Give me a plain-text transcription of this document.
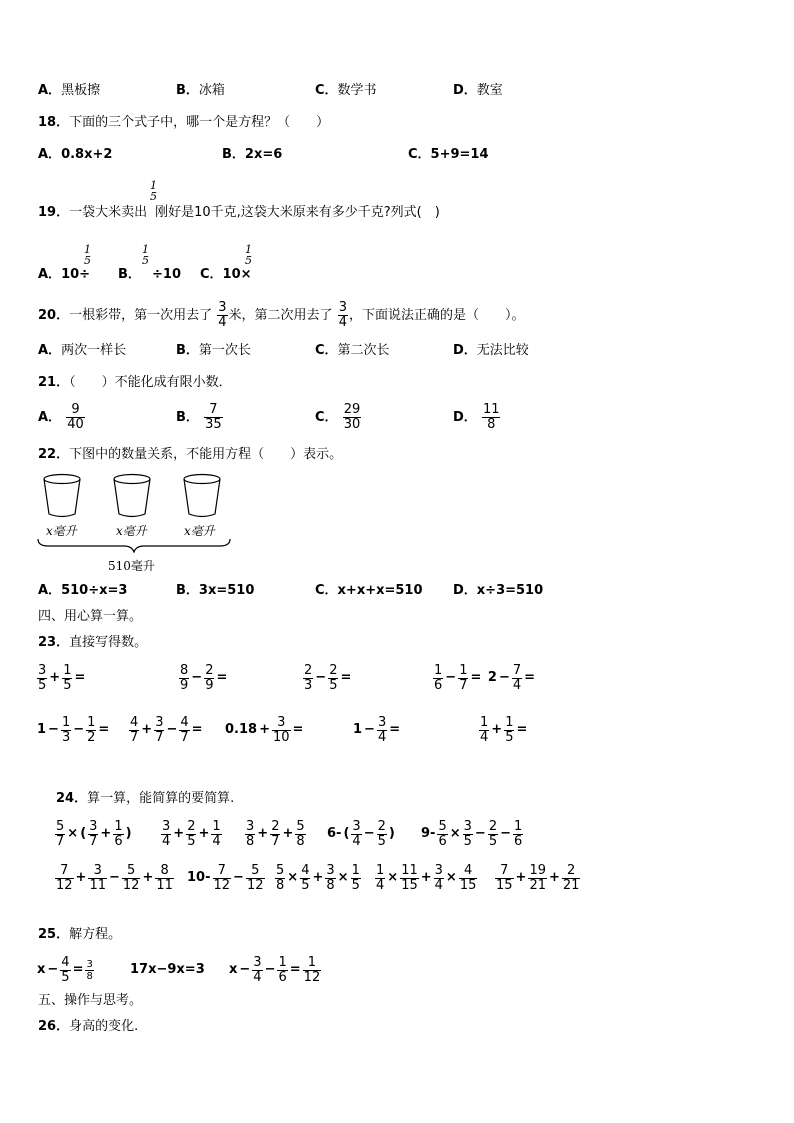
A．黑板擦	B．冰箱	C．数学书	D．教室
18．下面的三个式子中，哪一个是方程？（　　）
A．0.8x+2	B．2x=6	C．5+9=14
19．一袋大米卖出 刚好是10千克,这袋大米原来有多少千克?列式(　)
1
5
A．10÷
1
5
B．
1
5
÷10 C．10×
1
5
20．一根彩带，第一次用去了 $\frac{3}{4}$ 米，第二次用去了 $\frac{3}{4}$ ，下面说法正确的是（　　）。
A．两次一样长	B．第一次长	C．第二次长	D．无法比较
21．（　　）不能化成有限小数．
A． $\frac{9}{40}$	B． $\frac{7}{35}$	C． $\frac{29}{30}$	D． $\frac{11}{8}$
22．下图中的数量关系，不能用方程（　　）表示。
x毫升	x毫升	x毫升
510毫升
A．510÷x=3	B．3x=510	C．x+x+x=510 D．x÷3=510
四、用心算一算。
23．直接写得数。
$\frac{3}{5} + \frac{1}{5}$ =	$\frac{8}{9} - \frac{2}{9}$ =	$\frac{2}{3} - \frac{2}{5}$ =	$\frac{1}{6} - \frac{1}{7} = 2 - \frac{7}{4}$ =
$1 - \frac{1}{3} - \frac{1}{2} = \frac{4}{7} + \frac{3}{7} - \frac{4}{7} = 0.18 + \frac{3}{10}$ =	$1 - \frac{3}{4}$ =	$\frac{1}{4} + \frac{1}{5}$ =
24．算一算，能简算的要简算.
$\frac{5}{7}$ × ( $\frac{3}{7} + \frac{1}{6}$ ) $\frac{3}{4} + \frac{2}{5} + \frac{1}{4} \frac{3}{8} + \frac{2}{7} + \frac{5}{8} 6-$ ( $\frac{3}{4} - \frac{2}{5}$ ) $9- \frac{5}{6} \times \frac{3}{5} - \frac{2}{5} - \frac{1}{6}$
$\frac{7}{12} + \frac{3}{11} - \frac{5}{12} + \frac{8}{11} 10- \frac{7}{12} - \frac{5}{12} \frac{5}{8} \times \frac{4}{5} + \frac{3}{8} \times \frac{1}{5} \frac{1}{4} \times \frac{11}{15} + \frac{3}{4} \times \frac{4}{15} \frac{7}{15} + \frac{19}{21} + \frac{2}{21}$
25．解方程。
$x - \frac{4}{5} = \frac{3}{8}$	17x−9x=3 $x - \frac{3}{4} - \frac{1}{6} = \frac{1}{12}$
五、操作与思考。
26．身高的变化.
